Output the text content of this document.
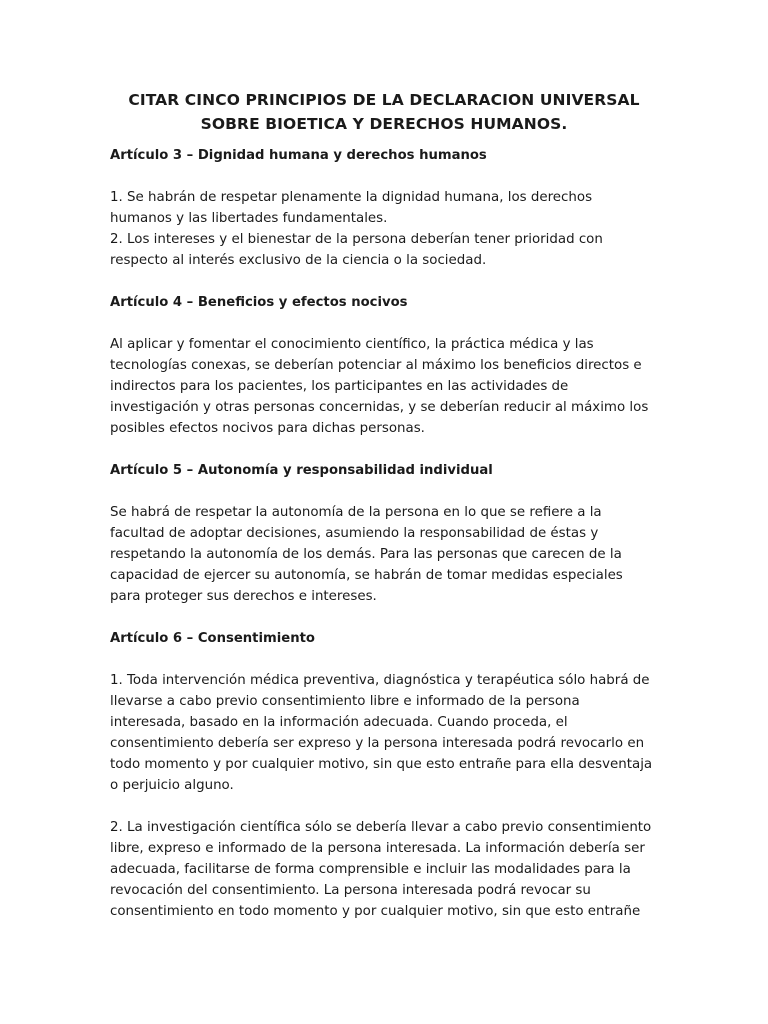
CITAR CINCO PRINCIPIOS DE LA DECLARACION UNIVERSAL
SOBRE BIOETICA Y DERECHOS HUMANOS.

Artículo 3 – Dignidad humana y derechos humanos

1. Se habrán de respetar plenamente la dignidad humana, los derechos
humanos y las libertades fundamentales.
2. Los intereses y el bienestar de la persona deberían tener prioridad con
respecto al interés exclusivo de la ciencia o la sociedad.

Artículo 4 – Beneficios y efectos nocivos

Al aplicar y fomentar el conocimiento científico, la práctica médica y las
tecnologías conexas, se deberían potenciar al máximo los beneficios directos e
indirectos para los pacientes, los participantes en las actividades de
investigación y otras personas concernidas, y se deberían reducir al máximo los
posibles efectos nocivos para dichas personas.

Artículo 5 – Autonomía y responsabilidad individual

Se habrá de respetar la autonomía de la persona en lo que se refiere a la
facultad de adoptar decisiones, asumiendo la responsabilidad de éstas y
respetando la autonomía de los demás. Para las personas que carecen de la
capacidad de ejercer su autonomía, se habrán de tomar medidas especiales
para proteger sus derechos e intereses.

Artículo 6 – Consentimiento

1. Toda intervención médica preventiva, diagnóstica y terapéutica sólo habrá de
llevarse a cabo previo consentimiento libre e informado de la persona
interesada, basado en la información adecuada. Cuando proceda, el
consentimiento debería ser expreso y la persona interesada podrá revocarlo en
todo momento y por cualquier motivo, sin que esto entrañe para ella desventaja
o perjuicio alguno.

2. La investigación científica sólo se debería llevar a cabo previo consentimiento
libre, expreso e informado de la persona interesada. La información debería ser
adecuada, facilitarse de forma comprensible e incluir las modalidades para la
revocación del consentimiento. La persona interesada podrá revocar su
consentimiento en todo momento y por cualquier motivo, sin que esto entrañe
